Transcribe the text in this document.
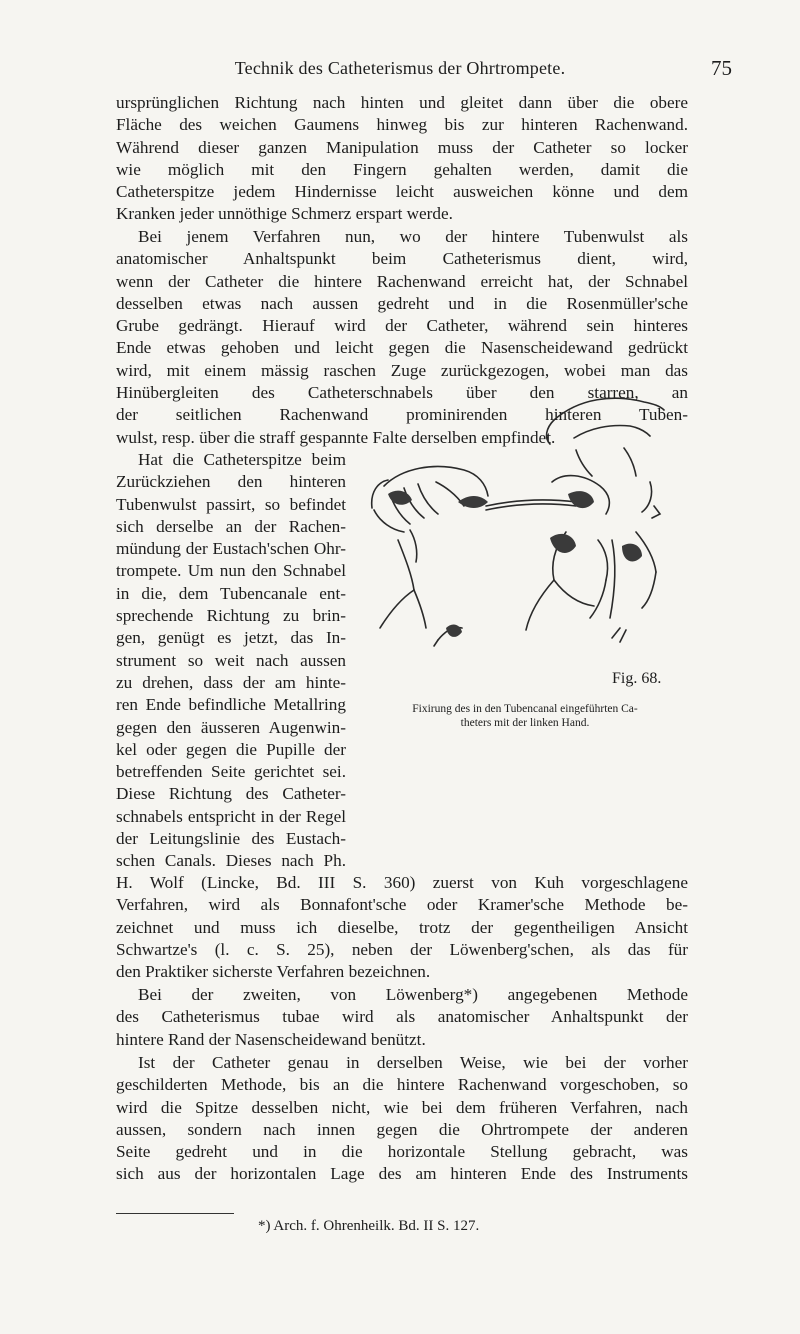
Technik des Catheterismus der Ohrtrompete.	75
ursprünglichen Richtung nach hinten und gleitet dann über die obere
Fläche des weichen Gaumens hinweg bis zur hinteren Rachenwand.
Während dieser ganzen Manipulation muss der Catheter so locker
wie möglich mit den Fingern gehalten werden, damit die
Catheterspitze jedem Hindernisse leicht ausweichen könne und dem
Kranken jeder unnöthige Schmerz erspart werde.
Bei jenem Verfahren nun, wo der hintere Tubenwulst als
anatomischer Anhaltspunkt beim Catheterismus dient, wird,
wenn der Catheter die hintere Rachenwand erreicht hat, der Schnabel
desselben etwas nach aussen gedreht und in die Rosenmüller'sche
Grube gedrängt. Hierauf wird der Catheter, während sein hinteres
Ende etwas gehoben und leicht gegen die Nasenscheidewand gedrückt
wird, mit einem mässig raschen Zuge zurückgezogen, wobei man das
Hinübergleiten des Catheterschnabels über den starren, an
der seitlichen Rachenwand prominirenden hinteren Tuben-
wulst, resp. über die straff gespannte Falte derselben empfindet.
Hat die Catheterspitze beim
Zurückziehen den hinteren
Tubenwulst passirt, so befindet
sich derselbe an der Rachen-
mündung der Eustach'schen Ohr-
trompete. Um nun den Schnabel
in die, dem Tubencanale ent-
sprechende Richtung zu brin-
gen, genügt es jetzt, das In-
strument so weit nach aussen
zu drehen, dass der am hinte-
ren Ende befindliche Metallring
gegen den äusseren Augenwin-
kel oder gegen die Pupille der
betreffenden Seite gerichtet sei.
Diese Richtung des Catheter-
schnabels entspricht in der Regel
der Leitungslinie des Eustach-
schen Canals. Dieses nach Ph.
H. Wolf (Lincke, Bd. III S. 360) zuerst von Kuh vorgeschlagene
Verfahren, wird als Bonnafont'sche oder Kramer'sche Methode be-
zeichnet und muss ich dieselbe, trotz der gegentheiligen Ansicht
Schwartze's (l. c. S. 25), neben der Löwenberg'schen, als das für
den Praktiker sicherste Verfahren bezeichnen.
Bei der zweiten, von Löwenberg*) angegebenen Methode
des Catheterismus tubae wird als anatomischer Anhaltspunkt der
hintere Rand der Nasenscheidewand benützt.
Ist der Catheter genau in derselben Weise, wie bei der vorher
geschilderten Methode, bis an die hintere Rachenwand vorgeschoben, so
wird die Spitze desselben nicht, wie bei dem früheren Verfahren, nach
aussen, sondern nach innen gegen die Ohrtrompete der anderen
Seite gedreht und in die horizontale Stellung gebracht, was
sich aus der horizontalen Lage des am hinteren Ende des Instruments
Fig. 68.
Fixirung des in den Tubencanal eingeführten Ca-
theters mit der linken Hand.
*) Arch. f. Ohrenheilk. Bd. II S. 127.
